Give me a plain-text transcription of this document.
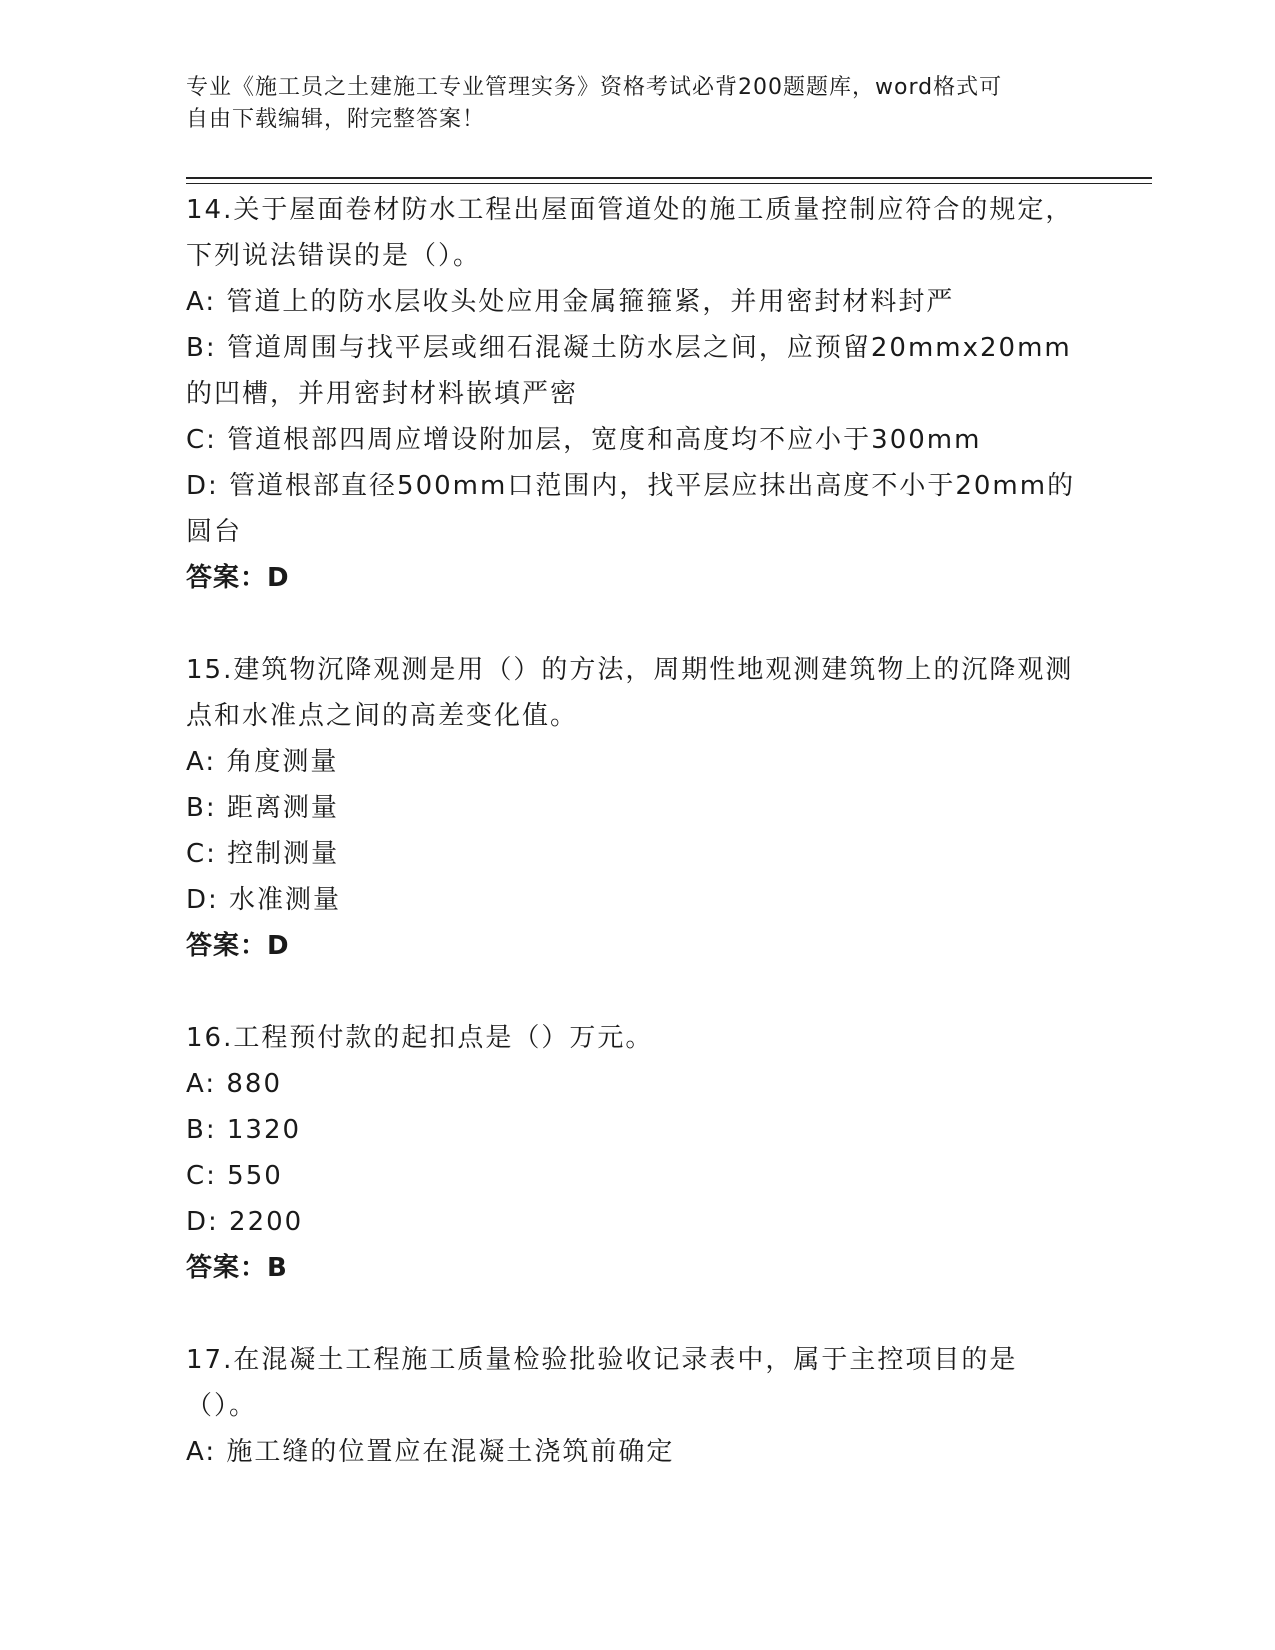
专业《施工员之土建施工专业管理实务》资格考试必背200题题库，word格式可
自由下载编辑，附完整答案！
14.关于屋面卷材防水工程出屋面管道处的施工质量控制应符合的规定，下列说法错误的是（）。
A: 管道上的防水层收头处应用金属箍箍紧，并用密封材料封严
B: 管道周围与找平层或细石混凝土防水层之间，应预留20mmx20mm的凹槽，并用密封材料嵌填严密
C: 管道根部四周应增设附加层，宽度和高度均不应小于300mm
D: 管道根部直径500mm口范围内，找平层应抹出高度不小于20mm的圆台
答案：D
15.建筑物沉降观测是用（）的方法，周期性地观测建筑物上的沉降观测点和水准点之间的高差变化值。
A: 角度测量
B: 距离测量
C: 控制测量
D: 水准测量
答案：D
16.工程预付款的起扣点是（）万元。
A: 880
B: 1320
C: 550
D: 2200
答案：B
17.在混凝土工程施工质量检验批验收记录表中，属于主控项目的是（）。
A: 施工缝的位置应在混凝土浇筑前确定
